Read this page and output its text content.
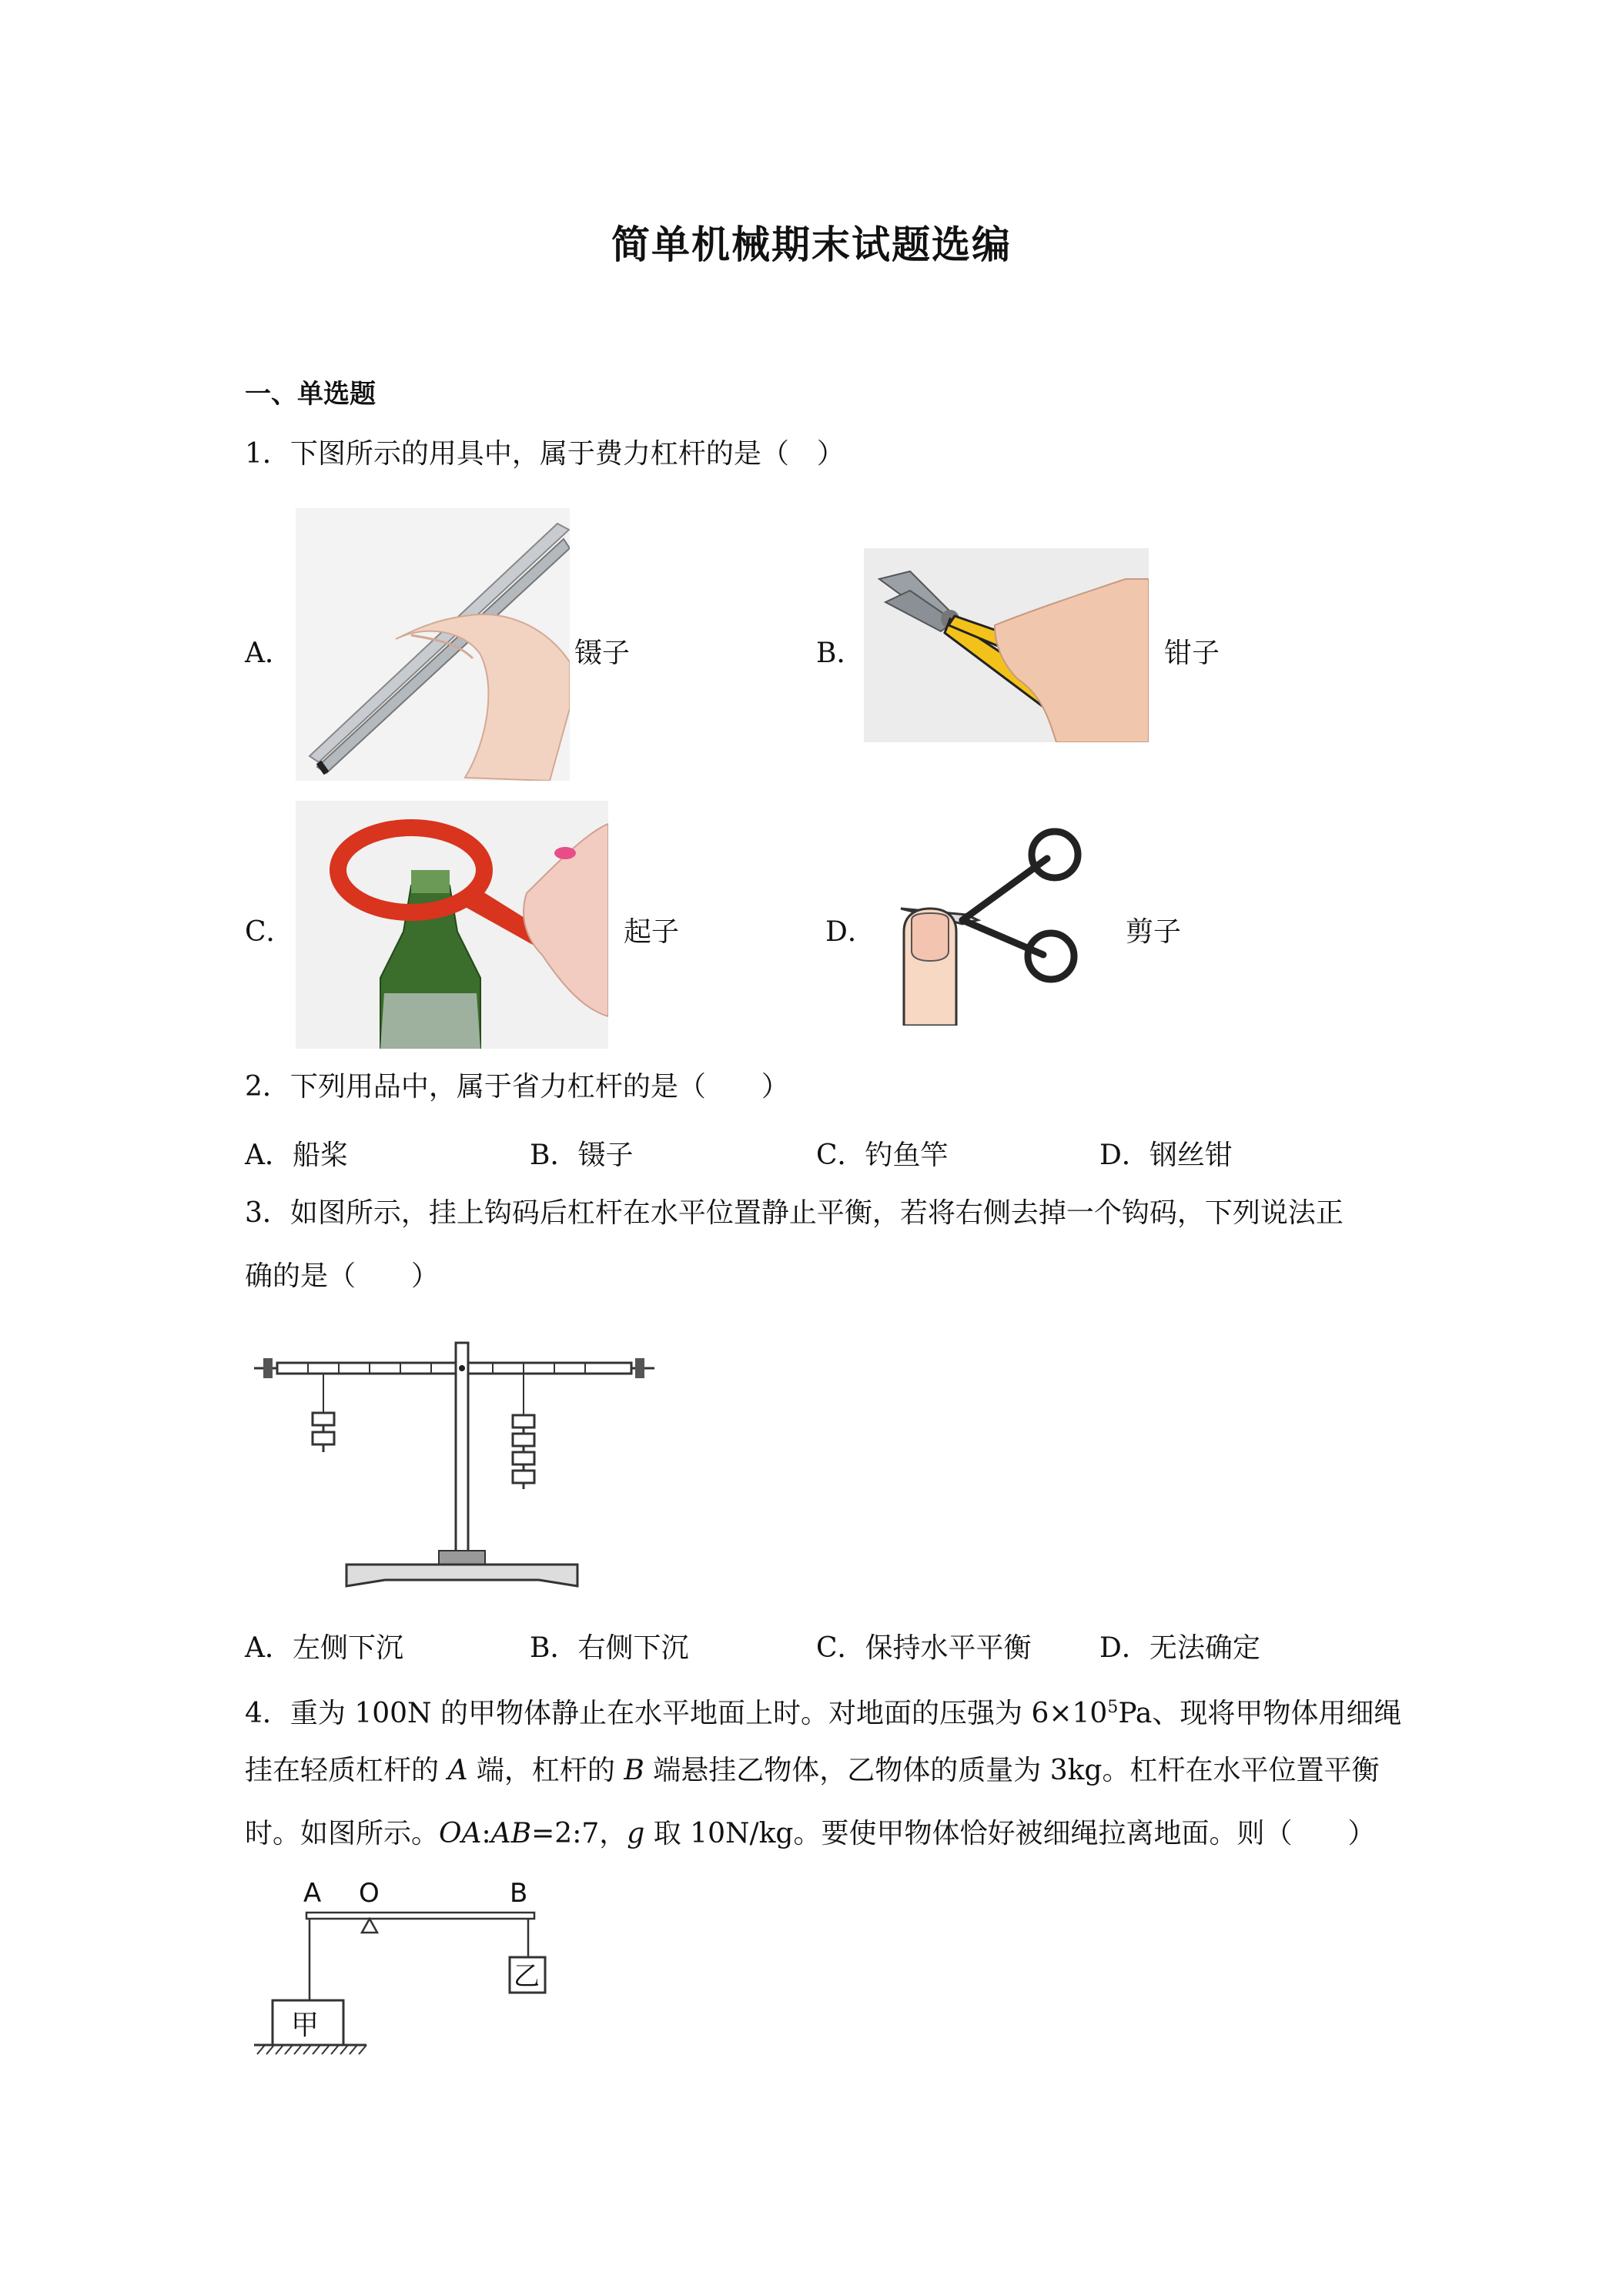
简单机械期末试题选编
一、单选题
1．下图所示的用具中，属于费力杠杆的是（　）
A．	镊子	B．	钳子
C．	起子	D．	剪子
2．下列用品中，属于省力杠杆的是（　　）
A．船桨	B．镊子	C．钓鱼竿	D．钢丝钳
3．如图所示，挂上钩码后杠杆在水平位置静止平衡，若将右侧去掉一个钩码，下列说法正
确的是（　　）
A．左侧下沉	B．右侧下沉	C．保持水平平衡 D．无法确定
4．重为 100N 的甲物体静止在水平地面上时。对地面的压强为 $6\times 10^5Pa$、现将甲物体用细绳
挂在轻质杠杆的 A 端，杠杆的 B 端悬挂乙物体，乙物体的质量为 3kg。杠杆在水平位置平衡
时。如图所示。OA:AB=2:7，g 取 10N/kg。要使甲物体恰好被细绳拉离地面。则（　　）
A O	B
甲
乙
